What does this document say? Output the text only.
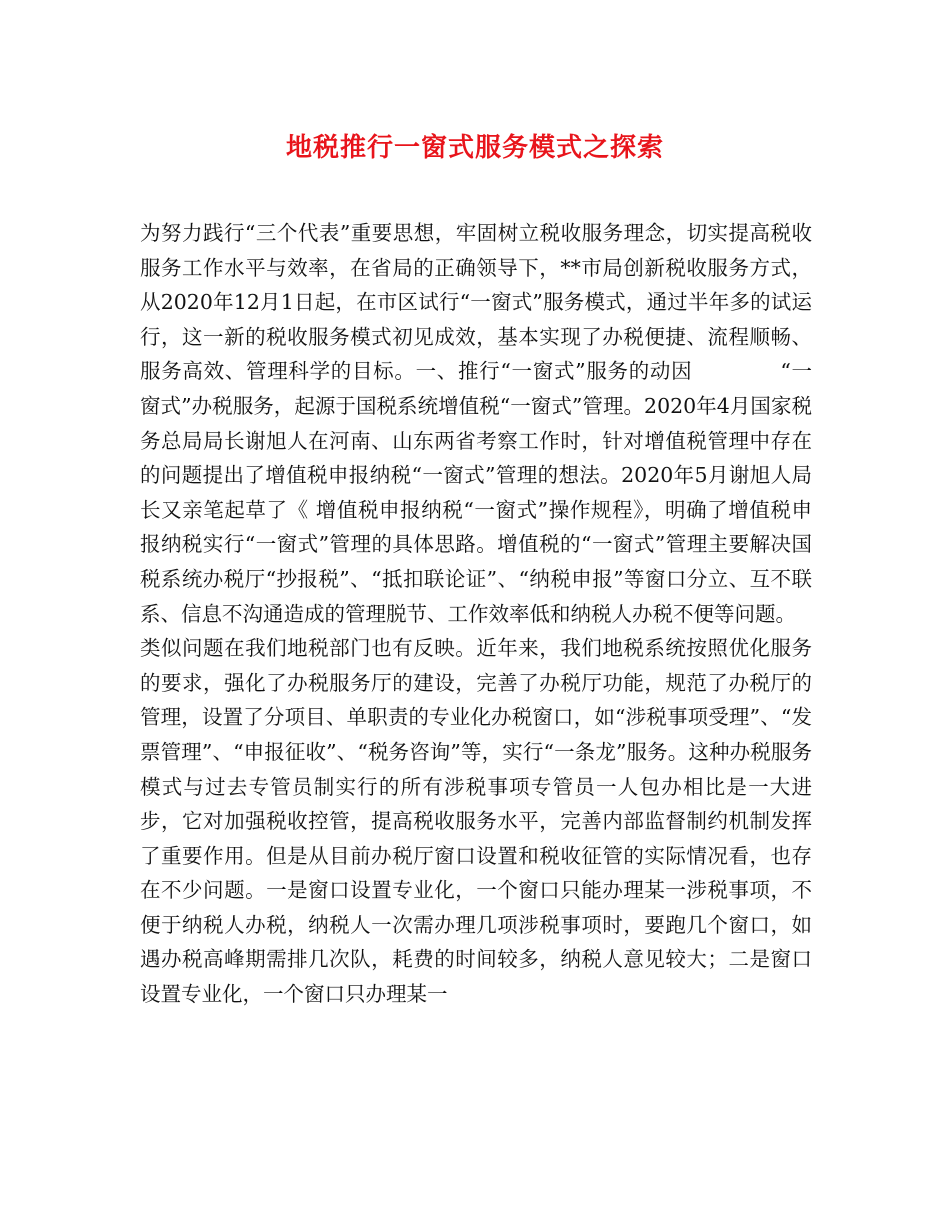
地税推行一窗式服务模式之探索

为努力践行“三个代表”重要思想，牢固树立税收服务理念，切实提高税收服务工作水平与效率，在省局的正确领导下，**市局创新税收服务方式，从2020年12月1日起，在市区试行“一窗式”服务模式，通过半年多的试运行，这一新的税收服务模式初见成效，基本实现了办税便捷、流程顺畅、服务高效、管理科学的目标。一、推行“一窗式”服务的动因	“一窗式”办税服务，起源于国税系统增值税“一窗式”管理。2020年4月国家税务总局局长谢旭人在河南、山东两省考察工作时，针对增值税管理中存在的问题提出了增值税申报纳税“一窗式”管理的想法。2020年5月谢旭人局长又亲笔起草了《 增值税申报纳税“一窗式”操作规程》，明确了增值税申报纳税实行“一窗式”管理的具体思路。增值税的“一窗式”管理主要解决国税系统办税厅“抄报税”、“抵扣联论证”、“纳税申报”等窗口分立、互不联系、信息不沟通造成的管理脱节、工作效率低和纳税人办税不便等问题。

类似问题在我们地税部门也有反映。近年来，我们地税系统按照优化服务的要求，强化了办税服务厅的建设，完善了办税厅功能，规范了办税厅的管理，设置了分项目、单职责的专业化办税窗口，如“涉税事项受理”、“发票管理”、“申报征收”、“税务咨询”等，实行“一条龙”服务。这种办税服务模式与过去专管员制实行的所有涉税事项专管员一人包办相比是一大进步，它对加强税收控管，提高税收服务水平，完善内部监督制约机制发挥了重要作用。但是从目前办税厅窗口设置和税收征管的实际情况看，也存在不少问题。一是窗口设置专业化，一个窗口只能办理某一涉税事项，不便于纳税人办税，纳税人一次需办理几项涉税事项时，要跑几个窗口，如遇办税高峰期需排几次队，耗费的时间较多，纳税人意见较大；二是窗口设置专业化，一个窗口只办理某一
